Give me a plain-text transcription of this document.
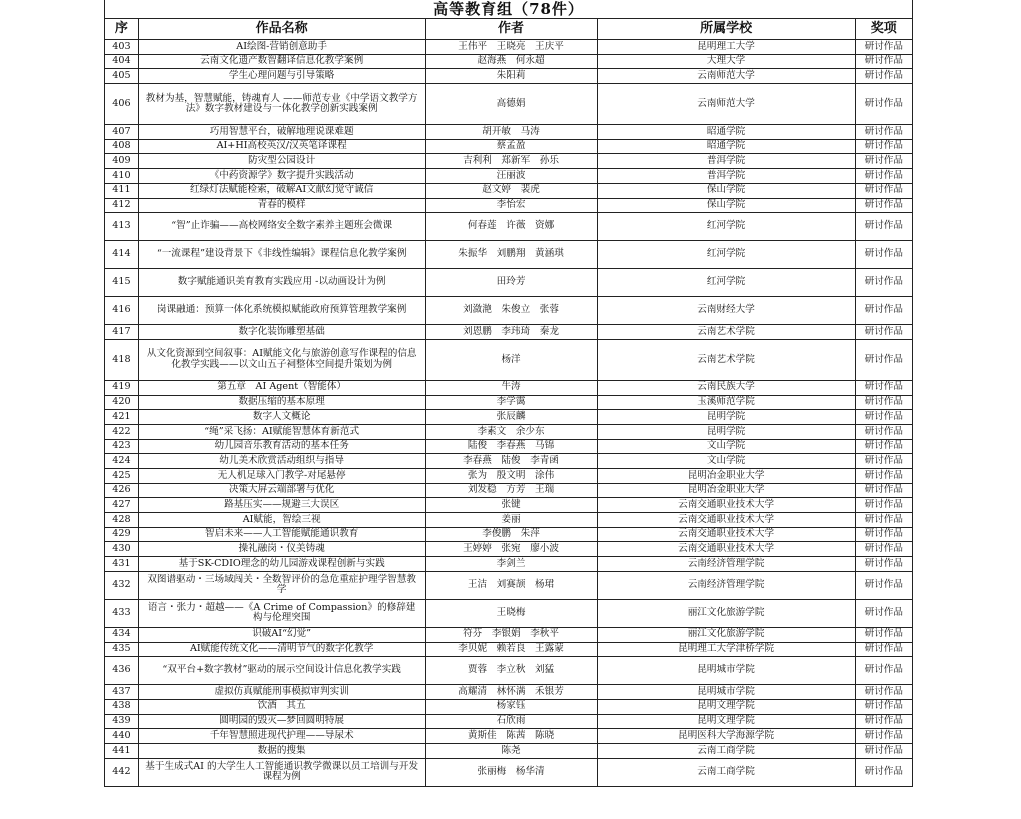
高等教育组（78件）				
序	作品名称	作者	所属学校	奖项
403	AI绘图-营销创意助手	王伟平　王晓亮　王庆平	昆明理工大学	研讨作品
404	云南文化遗产数智翻译信息化教学案例	赵海燕　何永超	大理大学	研讨作品
405	学生心理问题与引导策略	朱阳莉	云南师范大学	研讨作品
406	教材为基，智慧赋能，铸魂育人 ——师范专业《中学语文教学方法》数字教材建设与一体化教学创新实践案例	高德娟	云南师范大学	研讨作品
407	巧用智慧平台，破解地理说课难题	胡开敏　马涛	昭通学院	研讨作品
408	AI+HI高校英汉/汉英笔译课程	蔡孟盈	昭通学院	研讨作品
409	防灾型公园设计	吉利利　郑新军　孙乐	普洱学院	研讨作品
410	《中药资源学》数字提升实践活动	汪丽波	普洱学院	研讨作品
411	红绿灯法赋能检索，破解AI文献幻觉守诚信	赵文婷　裴虎	保山学院	研讨作品
412	青春的模样	李怡宏	保山学院	研讨作品
413	“智”止诈骗——高校网络安全数字素养主题班会微课	何春莲　许薇　资娜	红河学院	研讨作品
414	“一流课程”建设背景下《非线性编辑》课程信息化教学案例	朱振华　刘鹏翔　黄涵琪	红河学院	研讨作品
415	数字赋能通识美育教育实践应用 -以动画设计为例	田玲芳	红河学院	研讨作品
416	岗课融通：预算一体化系统模拟赋能政府预算管理教学案例	刘潋滟　朱俊立　张蓉	云南财经大学	研讨作品
417	数字化装饰雕塑基础	刘恩鹏　李玮琦　秦龙	云南艺术学院	研讨作品
418	从文化资源到空间叙事：AI赋能文化与旅游创意写作课程的信息化教学实践——以文山五子祠整体空间提升策划为例	杨洋	云南艺术学院	研讨作品
419	第五章　AI Agent（智能体）	牛涛	云南民族大学	研讨作品
420	数据压缩的基本原理	李学霭	玉溪师范学院	研讨作品
421	数字人文概论	张辰麟	昆明学院	研讨作品
422	“绳”采飞扬：AI赋能智慧体育新范式	李素文　余少东	昆明学院	研讨作品
423	幼儿园音乐教育活动的基本任务	陆俊　李春燕　马锦	文山学院	研讨作品
424	幼儿美术欣赏活动组织与指导	李春燕　陆俊　李青函	文山学院	研讨作品
425	无人机足球入门教学-对尾悬停	张为　殷文明　涂伟	昆明冶金职业大学	研讨作品
426	决策大屏云端部署与优化	刘发稳　方芳　王瑞	昆明冶金职业大学	研讨作品
427	路基压实——规避三大误区	张键	云南交通职业技术大学	研讨作品
428	AI赋能，智绘三视	姜丽	云南交通职业技术大学	研讨作品
429	智启未来——人工智能赋能通识教育	李俊鹏　朱萍	云南交通职业技术大学	研讨作品
430	操礼融岗・仪美铸魂	王婷婷　张宛　廖小波	云南交通职业技术大学	研讨作品
431	基于SK-CDIO理念的幼儿园游戏课程创新与实践	李剑兰	云南经济管理学院	研讨作品
432	双图谱驱动・三场域闯关・全数智评价的急危重症护理学智慧教学	王洁　刘赛颉　杨珺	云南经济管理学院	研讨作品
433	语言・张力・超越——《A Crime of Compassion》的修辞建构与伦理突围	王晓梅	丽江文化旅游学院	研讨作品
434	识破AI“幻觉”	符芬　李银娟　李秋平	丽江文化旅游学院	研讨作品
435	AI赋能传统文化——清明节气的数字化教学	李贝妮　赖若良　王露蒙	昆明理工大学津桥学院	研讨作品
436	“双平台+数字教材”驱动的展示空间设计信息化教学实践	贾蓉　李立秋　刘猛	昆明城市学院	研讨作品
437	虚拟仿真赋能刑事模拟审判实训	高耀清　林怀满　禾银芳	昆明城市学院	研讨作品
438	饮酒　其五	杨家钰	昆明文理学院	研讨作品
439	圆明园的毁灭—梦回圆明特展	石欣雨	昆明文理学院	研讨作品
440	千年智慧照进现代护理——导尿术	黄斯佳　陈茜　陈晓	昆明医科大学海源学院	研讨作品
441	数据的搜集	陈尧	云南工商学院	研讨作品
442	基于生成式AI 的大学生人工智能通识教学微课以员工培训与开发课程为例	张丽梅　杨华清	云南工商学院	研讨作品
